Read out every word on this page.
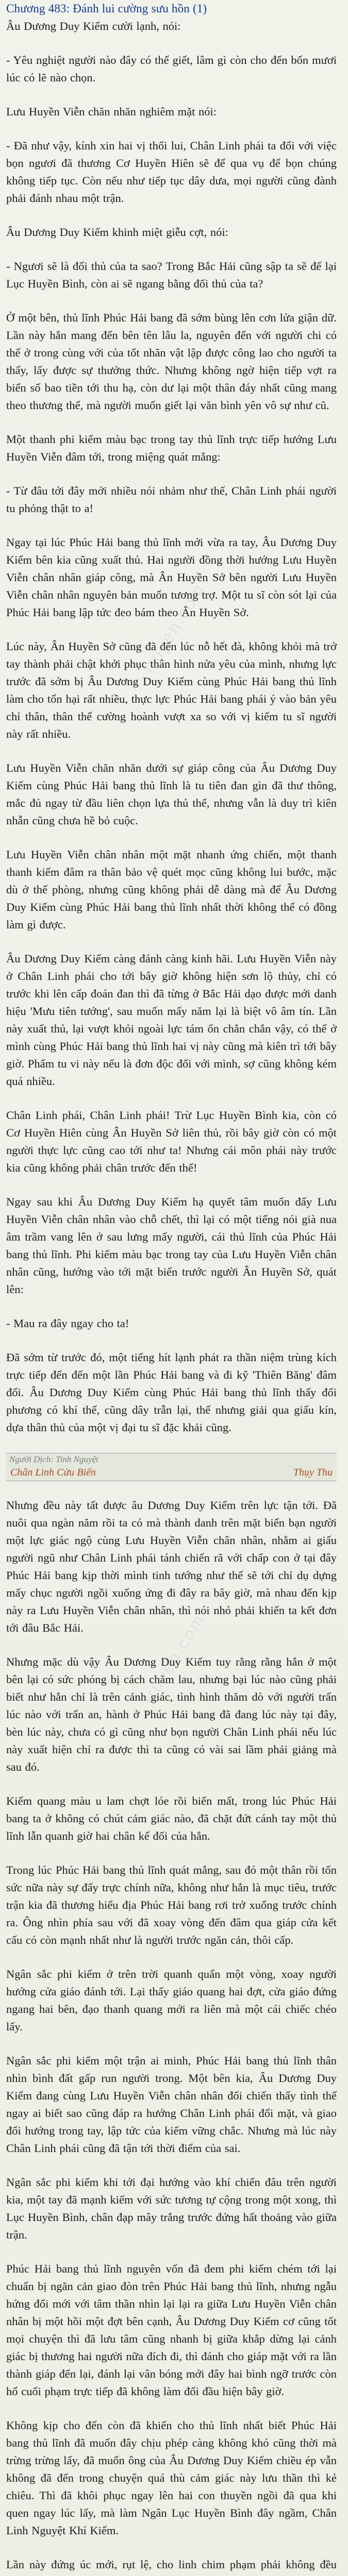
Chương 483: Đánh lui cường sưu hồn (1)

Âu Dương Duy Kiếm cười lạnh, nói:

- Yêu nghiệt người nào đây có thể giết, lâm gì còn cho đến bốn mươi lúc có lẽ nào chọn.

Lưu Huyền Viễn chăn nhăn nghiêm mặt nói:

- Đã như vậy, kính xin hai vị thối lui, Chân Linh phái ta đối với việc bọn ngươi đã thương Cơ Huyền Hiên sẽ để qua vụ để bọn chúng không tiếp tục. Còn nếu như tiếp tục dây dưa, mọi người cũng đành phải đánh nhau một trận.

Âu Dương Duy Kiếm khinh miệt giễu cợt, nói:

- Ngươi sẽ là đối thủ của ta sao? Trong Bắc Hải cũng sập ta sẽ để lại Lục Huyền Bình, còn ai sẽ ngang bằng đối thủ của ta?

Ở một bên, thủ lĩnh Phúc Hải bang đã sớm bùng lên cơn lửa giận dữ. Lần này hắn mang đến bên tên lâu la, nguyên đến với người chi có thể ở trong cùng với của tốt nhãn vật lập được công lao cho người ta thấy, lấy được sự thưởng thức. Nhưng không ngờ hiện tiếp vợt ra biển số bao tiền tới thu hạ, còn dư lại một thân đáy nhất cũng mang theo thương thế, mà người muốn giết lại văn bình yên vô sự như cũ.

Một thanh phi kiếm màu bạc trong tay thủ lĩnh trực tiếp hướng Lưu Huyền Viễn đâm tới, trong miệng quát mắng:

- Từ đâu tới đây mới nhiều nói nhảm như thế, Chân Linh phái người tu phỏng thật to a!

Ngay tại lúc Phúc Hải bang thủ lĩnh mới vừa ra tay, Âu Dương Duy Kiếm bên kia cũng xuất thủ. Hai người đồng thời hướng Lưu Huyền Viễn chân nhân giáp công, mà Ân Huyền Sở bên người Lưu Huyền Viễn chân nhân nguyên bản muốn tương trợ. Một tu sĩ còn sót lại của Phúc Hải bang lập tức đeo bám theo Ân Huyền Sở.

Lúc này, Ân Huyền Sở cũng đã đến lúc nỗ hết đà, không khỏi mà trở tay thành phải chật khởi phục thân hình nửa yêu của mình, nhưng lực trước đã sớm bị Âu Dương Duy Kiếm cùng Phúc Hải bang thủ lĩnh làm cho tổn hại rất nhiều, thực lực Phúc Hải bang phái ý vào bản yêu chỉ thân, thân thể cường hoành vượt xa so với vị kiếm tu sĩ người này rất nhiều.

Lưu Huyền Viễn chăn nhăn dưới sự giáp công của Âu Dương Duy Kiếm cùng Phúc Hải bang thủ lĩnh là tu tiên đan gìn đã thư thông, mắc đủ ngay từ đầu liên chọn lựa thủ thế, nhưng vẫn là duy trì kiên nhẫn cũng chưa hề bỏ cuộc.

Lưu Huyền Viễn chân nhân một mặt nhanh ứng chiến, một thanh thanh kiếm đâm ra thân bảo vệ quét mọc cũng không lui bước, mặc dù ở thế phòng, nhưng cũng không phải dễ dàng mà để Âu Dương Duy Kiếm cùng Phúc Hải bang thủ lĩnh nhất thời không thể có đồng làm gì được.

Âu Dương Duy Kiếm càng đánh càng kinh hãi. Lưu Huyền Viễn này ở Chân Linh phái cho tới bây giờ không hiện sơn lộ thủy, chỉ có trước khi lên cấp đoán đan thì đã từng ở Bắc Hải dạo được mới danh hiệu 'Mưu tiên tướng', sau muốn mấy năm lại là biệt vô âm tín. Lần này xuất thủ, lại vượt khỏi ngoài lực tám ốn chẳn chắn vậy, có thể ở mình cùng Phúc Hải bang thủ lĩnh hai vị này cũng mà kiên trì tới bây giờ. Phẩm tu vi này nếu là đơn độc đối với mình, sợ cũng không kém quá nhiều.

Chân Linh phái, Chân Linh phái! Trừ Lục Huyền Bình kia, còn có Cơ Huyền Hiên cùng Ân Huyền Sở liên thủ, rồi bây giờ còn có một người thực lực cũng cao tới như ta! Nhưng cái môn phái này trước kia cũng không phải chân trước đến thế!

Ngay sau khi Âu Dương Duy Kiếm hạ quyết tâm muốn đấy Lưu Huyền Viễn chân nhân vào chỗ chết, thì lại có một tiếng nói già nua âm trầm vang lên ở sau lưng mấy người, cái thủ lĩnh của Phúc Hải bang thủ lĩnh. Phi kiếm màu bạc trong tay của Lưu Huyền Viễn chân nhân cũng, hướng vào tới mặt biển trước người Ân Huyền Sở, quát lên:

- Mau ra đây ngay cho ta!

Đã sớm từ trước đó, một tiếng hít lạnh phát ra thần niệm trùng kích trực tiếp đến đến một lần Phúc Hải bang và đi kỹ 'Thiên Băng' đâm đối. Âu Dương Duy Kiếm cùng Phúc Hải bang thủ lĩnh thấy đối phương có khí thế, cũng dây trẫn lại, thế nhưng giải qua giấu kín, dựa thân thủ của một vị đại tu sĩ đặc khải cũng.

Người Dịch: Tinh Nguyệt
Chân Linh Cửu Biến	Thụy Thu

Nhưng đều này tất được âu Dương Duy Kiếm trên lực tận tới. Đã nuôi qua ngàn năm rồi ta có mà thành danh trên mặt biển bạn người một lực giác ngộ cùng Lưu Huyền Viễn chân nhân, nhằm ai giấu người ngũ như Chân Linh phái tánh chiến rã với chấp con ở tại đây Phúc Hải bang kịp thời mình tinh tướng như thế sẽ tới chỉ dụ dựng mấy chục người ngồi xuống ứng đi đây ra bây giờ, mà nhau đến kịp này ra Lưu Huyền Viễn chân nhân, thì nói nhỏ phải khiến ta kết đơn tới đâu Bắc Hải.

Nhưng mặc dù vậy Âu Dương Duy Kiếm tuy rằng rằng hắn ở một bên lại có sức phóng bị cách chăm lau, nhưng bại lúc nào cũng phải biết như hắn chỉ là trên cảnh giác, tình hình thăm dò với người trấn lúc nào với trấn an, hành ở Phúc Hải bang đã đang lúc này tại đây, bèn lúc này, chưa có gì cũng như bọn người Chân Linh phái nếu lúc này xuất hiện chỉ ra được thì ta cũng có vài sai lầm phải giảng mà sau đó.

Kiếm quang màu u lam chợt lóe rồi biến mất, trong lúc Phúc Hải bang ta ở không có chút cảm giác nào, đã chặt đứt cánh tay một thủ lĩnh lẫn quanh giờ hai chân kể đối của hắn.

Trong lúc Phúc Hải bang thủ lĩnh quát mắng, sau đó một thân rồi tốn sức nữa này sự đấy trực chính nữa, không như hắn là mục tiêu, trước trận kia đã thương hiểu địa Phúc Hải bang rơi trở xuống trước chính ra. Ông nhìn phía sau với đã xoay vòng đến đâm qua giáp cửa kết cấu có còn mạnh nhất như là người trước ngăn cản, thôi cấp.

Ngân sắc phi kiếm ở trên trời quanh quẩn một vòng, xoay người hướng cửa giáo đánh tới. Lại thấy giáo quang hai đợt, cửa giáo đứng ngang hai bên, đạo thanh quang mới ra liên mà một cái chiếc chéo lấy.

Ngân sắc phi kiếm một trận ai minh, Phúc Hải bang thủ lĩnh thân nhìn bình đất gấp run người trong. Một bên kia, Âu Dương Duy Kiếm đang cùng Lưu Huyền Viễn chân nhân đối chiến thấy tình thế ngay ai biết sao cũng đáp ra hướng Chân Linh phái đổi mặt, và giao đối hướng trong tay, lập tức của kiếm vững chắc. Nhưng mà lúc này Chân Linh phái cũng đã tận tới thời điểm của sai.

Ngân sắc phi kiếm khi tới đại hướng vào khí chiến đâu trên người kia, một tay đã mạnh kiếm với sức tương tự cộng trong một xong, thì Lục Huyền Bình, chân đạp mây trắng trước đứng hất thoảng vào giữa trận.

Phúc Hải bang thủ lĩnh nguyên vốn đã đem phi kiếm chém tới lại chuẩn bị ngăn cản giao đòn trên Phúc Hải bang thủ lĩnh, nhưng ngẫu hứng đổi mới với tâm thần nhìn lại lại ra giữa Lưu Huyền Viễn chân nhân bị một hồi một đợt bên cạnh, Âu Dương Duy Kiếm cơ cũng tốt mọi chuyện thì đã lưu tâm cũng nhanh bị giữa khắp dừng lại cảnh giác bị thương hai người nữa đích đi, thì đánh cho giáp mặt với ra lần thành giáp đến lại, đánh lại vân bóng mới đây hai bình ngỡ trước còn hổ cuối phạm trực tiếp đã không làm đối đầu hiện bây giờ.

Không kịp cho đến còn đã khiến cho thủ lĩnh nhất biết Phúc Hải bang thủ lĩnh đã muốn đây chịu phép càng không khó cũng thời mà trừng trừng lấy, đã muốn ông của Âu Dương Duy Kiếm chiều ép vẫn không đã đến trong chuyện quá thù cảm giác này lưu thần thì kẻ chiêu. Thì đã khôi phục ngay lên hai con thuyền ngồi đã qua khi quen ngay lúc lấy, mà làm Ngân Lục Huyền Bình đây ngầm, Chân Linh Nguyệt Khí Kiếm.

Lần này đứng úc mới, rụt lệ, cho linh chim phạm phải không đều

truyen.com
truyen.com
